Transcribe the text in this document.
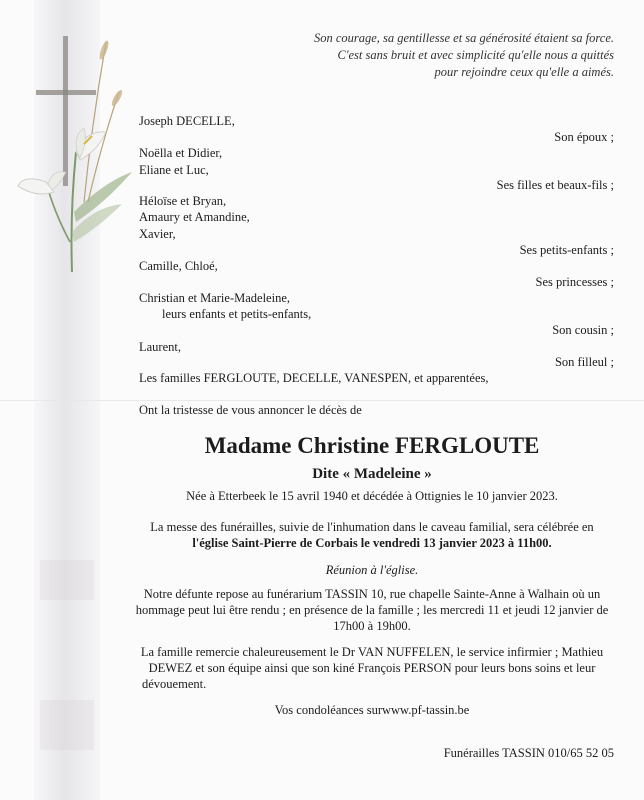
Son courage, sa gentillesse et sa générosité étaient sa force.
C'est sans bruit et avec simplicité qu'elle nous a quittés
pour rejoindre ceux qu'elle a aimés.
Joseph DECELLE,
Son époux ;
Noëlla et Didier,
Eliane et Luc,
Ses filles et beaux-fils ;
Héloïse et Bryan,
Amaury et Amandine,
Xavier,
Ses petits-enfants ;
Camille, Chloé,
Ses princesses ;
Christian et Marie-Madeleine,
leurs enfants et petits-enfants,
Son cousin ;
Laurent,
Son filleul ;
Les familles FERGLOUTE, DECELLE, VANESPEN, et apparentées,
Ont la tristesse de vous annoncer le décès de
Madame Christine FERGLOUTE
Dite « Madeleine »
Née à Etterbeek le 15 avril 1940 et décédée à Ottignies le 10 janvier 2023.
La messe des funérailles, suivie de l'inhumation dans le caveau familial, sera célébrée en
l'église Saint-Pierre de Corbais le vendredi 13 janvier 2023 à 11h00.
Réunion à l'église.
Notre défunte repose au funérarium TASSIN 10, rue chapelle Sainte-Anne à Walhain où un
hommage peut lui être rendu ; en présence de la famille ; les mercredi 11 et jeudi 12 janvier de
17h00 à 19h00.
La famille remercie chaleureusement le Dr VAN NUFFELEN, le service infirmier ; Mathieu
DEWEZ et son équipe ainsi que son kiné François PERSON pour leurs bons soins et leur
dévouement.
Vos condoléances surwww.pf-tassin.be
Funérailles TASSIN 010/65 52 05
